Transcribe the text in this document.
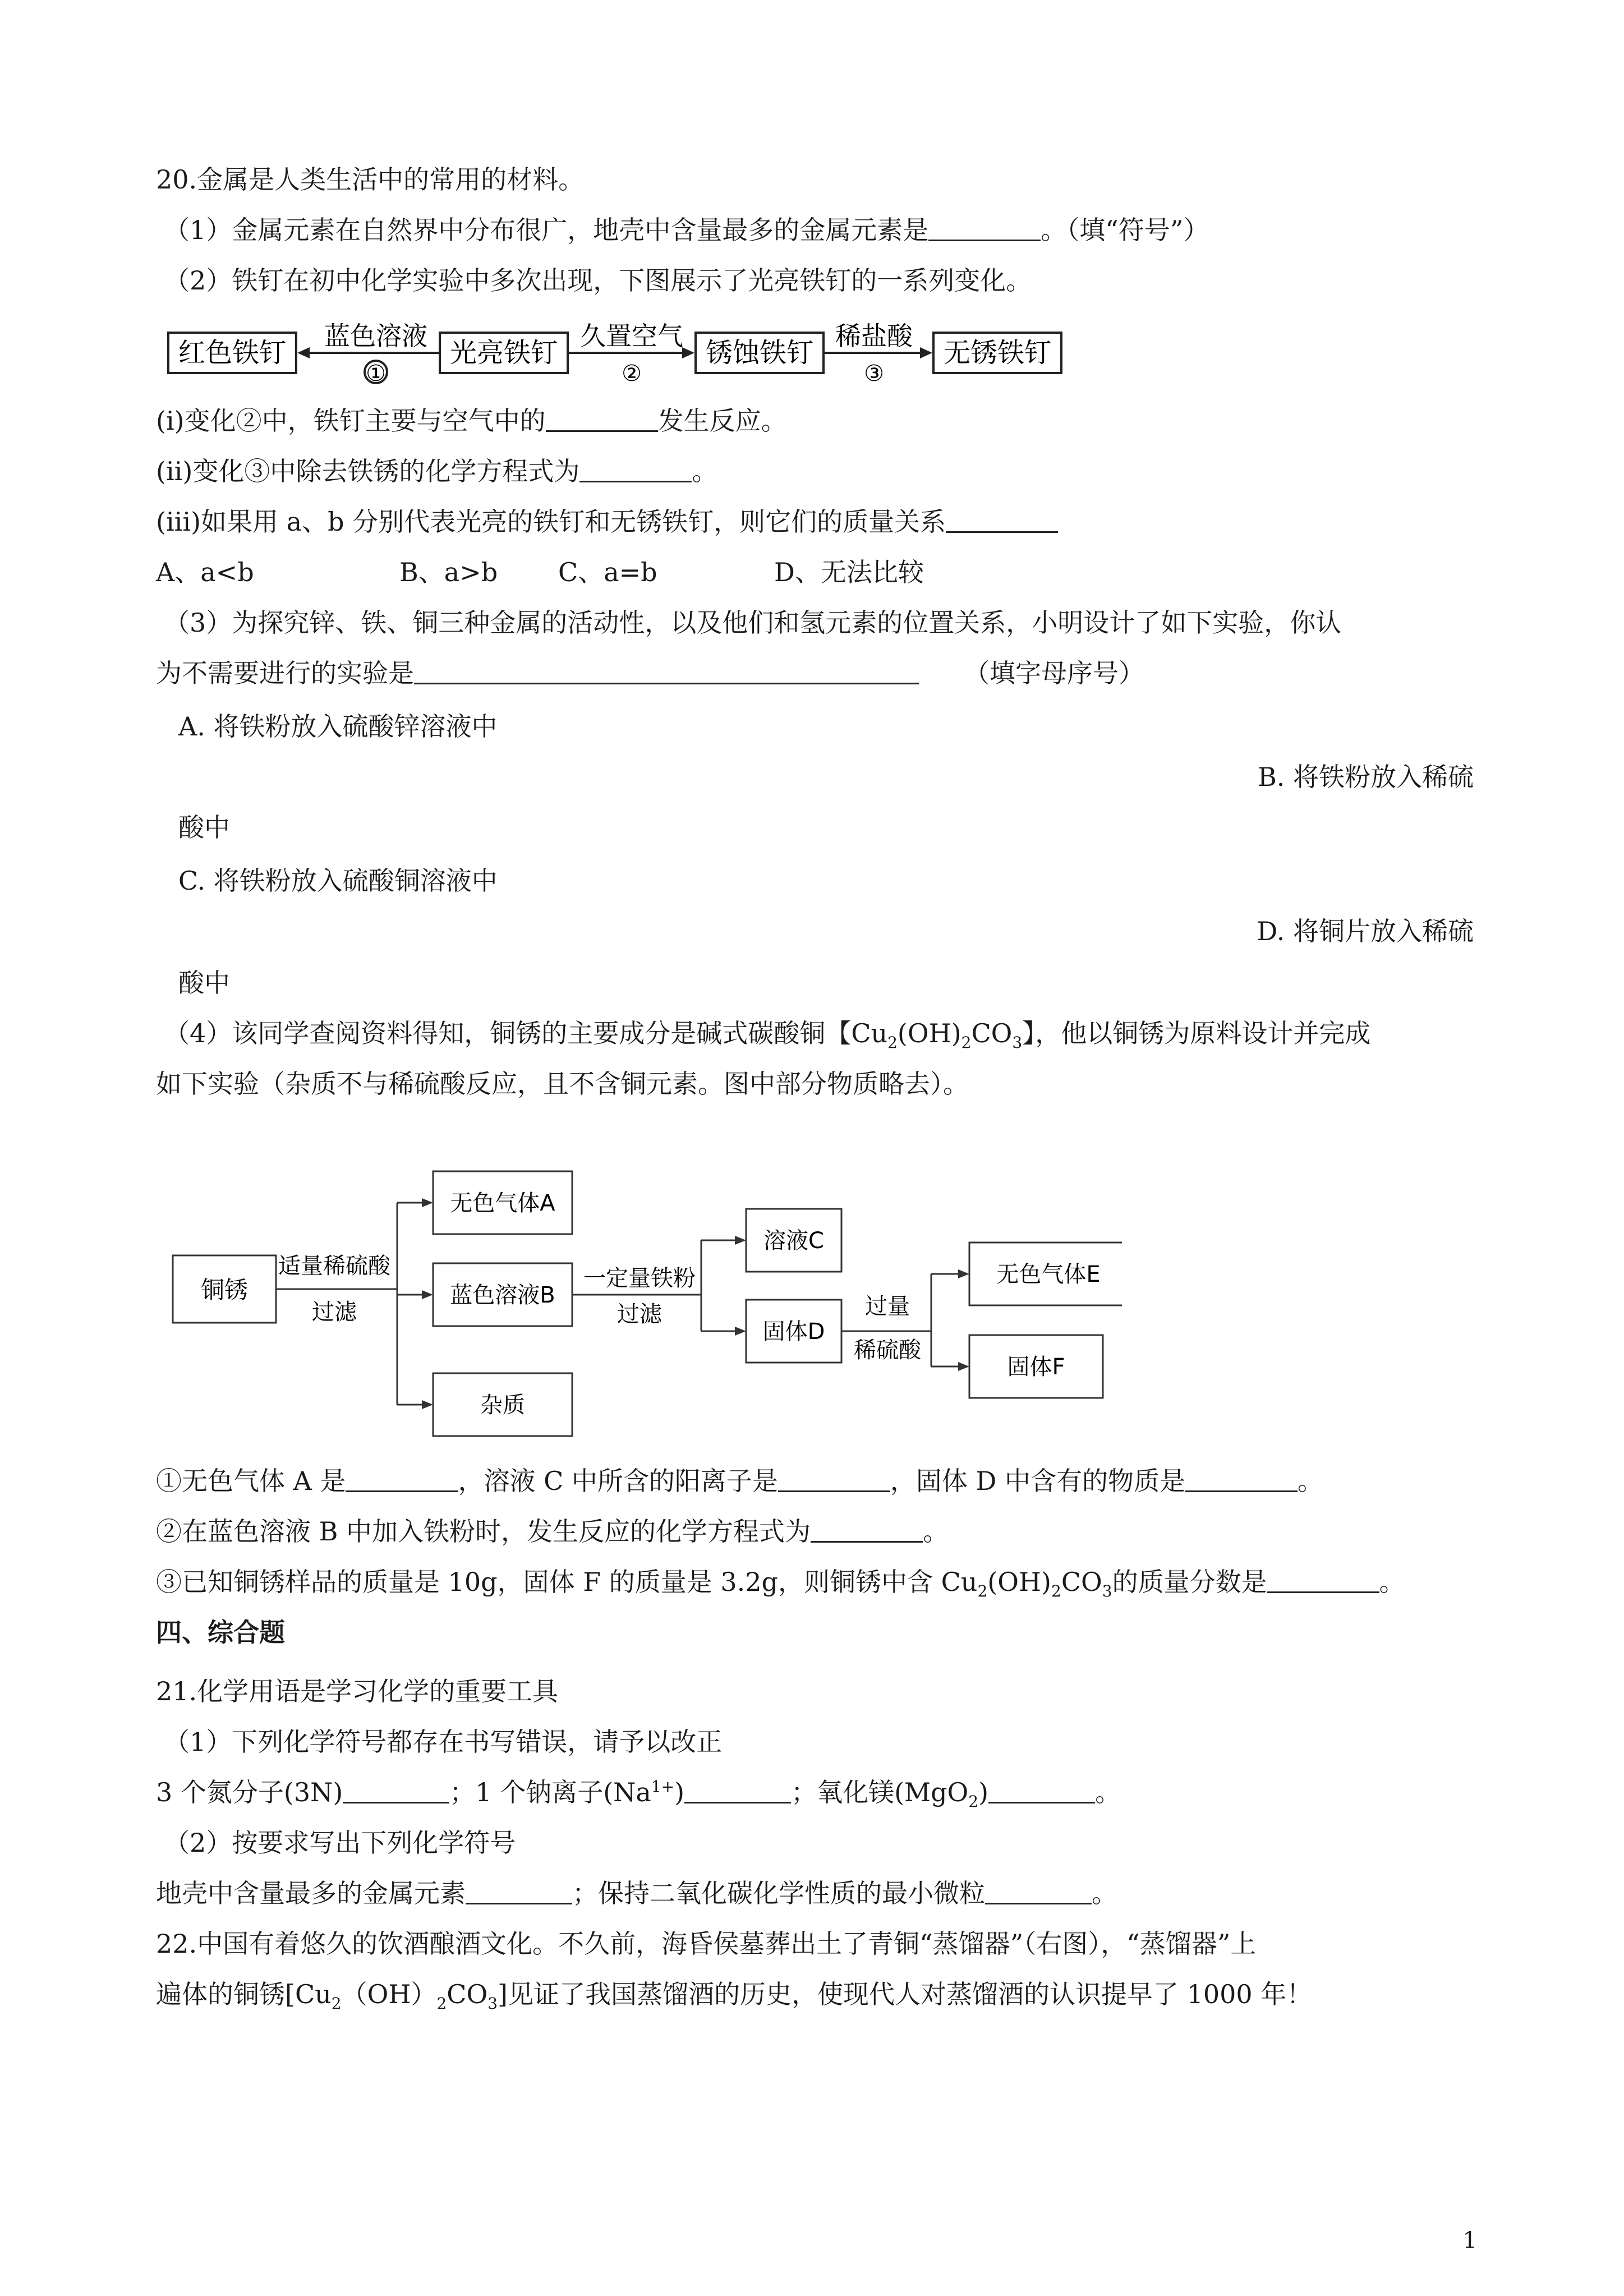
20.金属是人类生活中的常用的材料。
（1）金属元素在自然界中分布很广，地壳中含量最多的金属元素是	。（填“符号”）
（2）铁钉在初中化学实验中多次出现，下图展示了光亮铁钉的一系列变化。
红色铁钉	光亮铁钉	锈蚀铁钉	无锈铁钉
蓝色溶液
①
久置空气
②
稀盐酸
③
(ⅰ)变化②中，铁钉主要与空气中的	发生反应。
(ⅱ)变化③中除去铁锈的化学方程式为	。
(ⅲ)如果用 a、b 分别代表光亮的铁钉和无锈铁钉，则它们的质量关系
A、a<b	B、a>b C、a=b	D、无法比较
（3）为探究锌、铁、铜三种金属的活动性，以及他们和氢元素的位置关系，小明设计了如下实验，你认
为不需要进行的实验是	（填字母序号）
A. 将铁粉放入硫酸锌溶液中
B. 将铁粉放入稀硫
酸中
C. 将铁粉放入硫酸铜溶液中
D. 将铜片放入稀硫
酸中
（4）该同学查阅资料得知，铜锈的主要成分是碱式碳酸铜【$Cu_2(OH)_2CO_3$】，他以铜锈为原料设计并完成
如下实验（杂质不与稀硫酸反应，且不含铜元素。图中部分物质略去）。
铜锈
适量稀硫酸
过滤
无色气体A
蓝色溶液B
杂质
一定量铁粉
过滤
溶液C
固体D
过量
稀硫酸
无色气体E
固体F
①无色气体 A 是	，溶液 C 中所含的阳离子是	，固体 D 中含有的物质是	。
②在蓝色溶液 B 中加入铁粉时，发生反应的化学方程式为	。
③已知铜锈样品的质量是 10g，固体 F 的质量是 3.2g，则铜锈中含 $Cu_2(OH)_2CO_3$的质量分数是	。
四、综合题
21.化学用语是学习化学的重要工具
（1）下列化学符号都存在书写错误，请予以改正
3 个氮分子(3N)	；1 个钠离子$(Na^{1+})$	；氧化镁(MgO$_2$)	。
（2）按要求写出下列化学符号
地壳中含量最多的金属元素	；保持二氧化碳化学性质的最小微粒	。
22.中国有着悠久的饮酒酿酒文化。不久前，海昏侯墓葬出土了青铜“蒸馏器”（右图），“蒸馏器”上
遍体的铜锈$[Cu_2(OH)_2CO_3]$见证了我国蒸馏酒的历史，使现代人对蒸馏酒的认识提早了 1000 年！
1
